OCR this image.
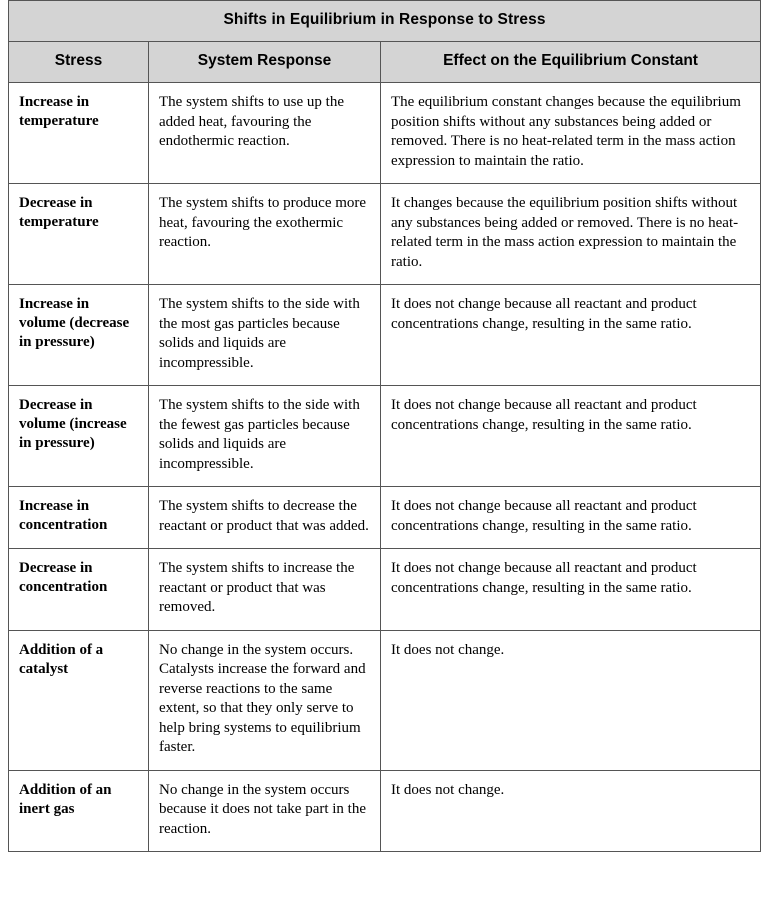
Shifts in Equilibrium in Response to Stress		
Stress	System Response	Effect on the Equilibrium Constant
Increase in temperature	The system shifts to use up the added heat, favouring the endothermic reaction.	The equilibrium constant changes because the equilibrium position shifts without any substances being added or removed. There is no heat-related term in the mass action expression to maintain the ratio.
Decrease in temperature	The system shifts to produce more heat, favouring the exothermic reaction.	It changes because the equilibrium position shifts without any substances being added or removed. There is no heat-related term in the mass action expression to maintain the ratio.
Increase in volume (decrease in pressure)	The system shifts to the side with the most gas particles because solids and liquids are incompressible.	It does not change because all reactant and product concentrations change, resulting in the same ratio.
Decrease in volume (increase in pressure)	The system shifts to the side with the fewest gas particles because solids and liquids are incompressible.	It does not change because all reactant and product concentrations change, resulting in the same ratio.
Increase in concentration	The system shifts to decrease the reactant or product that was added.	It does not change because all reactant and product concentrations change, resulting in the same ratio.
Decrease in concentration	The system shifts to increase the reactant or product that was removed.	It does not change because all reactant and product concentrations change, resulting in the same ratio.
Addition of a catalyst	No change in the system occurs. Catalysts increase the forward and reverse reactions to the same extent, so that they only serve to help bring systems to equilibrium faster.	It does not change.
Addition of an inert gas	No change in the system occurs because it does not take part in the reaction.	It does not change.
